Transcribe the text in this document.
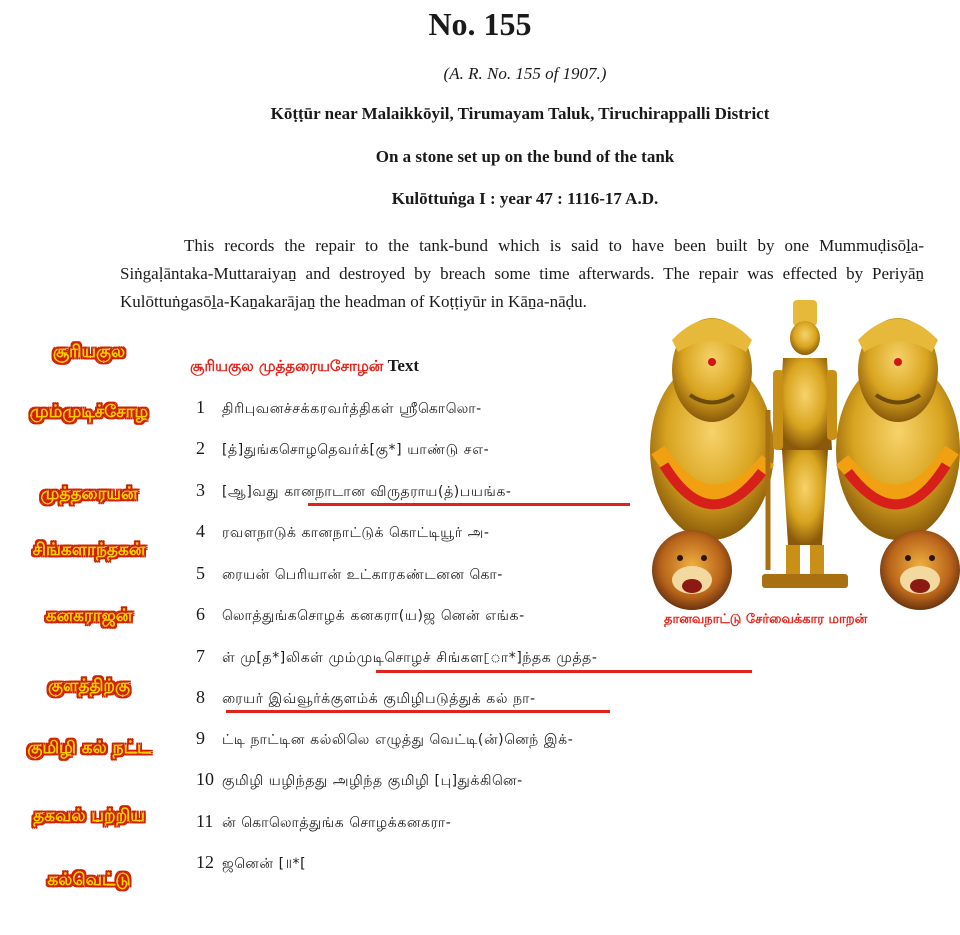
No. 155
(A. R. No. 155 of 1907.)
Kōṭṭūr near Malaikkōyil, Tirumayam Taluk, Tiruchirappalli District
On a stone set up on the bund of the tank
Kulōttuṅga I : year 47 : 1116-17 A.D.

This records the repair to the tank-bund which is said to have been built by one Mummuḍisōḻa-Siṅgaḷāntaka-Muttaraiyaṉ and destroyed by breach some time afterwards. The repair was effected by Periyāṉ Kulōttuṅgasōḻa-Kaṉakarājaṉ the headman of Koṭṭiyūr in Kāṉa-nāḍu.

சூரியகுல
மும்முடிச்சோழ
முத்தரையன்
சிங்களாந்தகன்
கனகராஜன்
குளத்திற்கு
குமிழி கல் நட்ட
தகவல் பற்றிய
கல்வெட்டு
சூரியகுல முத்தரையசோழன் Text
1 திரிபுவனச்சக்கரவர்த்திகள் ஸ்ரீகொலொ-
2 [த்]துங்கசொழதெவர்க்[கு*] யாண்டு சஎ-
3 [ஆ]வது கானநாடான விருதராய(த்)பயங்க-
4 ரவளநாடுக் கானநாட்டுக் கொட்டியூர் அ-
5 ரையன் பெரியான் உட்காரகண்டனன கொ-
6 லொத்துங்கசொழக் கனகரா(ய)ஜ னென் எங்க-
7 ள் மு[த*]லிகள் மும்முடிசொழச் சிங்கள[ா*]ந்தக முத்த-
8 ரையர் இவ்வூர்க்குளம்க் குமிழிபடுத்துக் கல் நா-
9 ட்டி நாட்டின கல்லிலெ எழுத்து வெட்டி(ன்)னெந் இக்-
10 குமிழி யழிந்தது அழிந்த குமிழி [பு]துக்கினெ-
11 ன் கொலொத்துங்க சொழக்கனகரா-
12 ஜனென் [॥*[
தானவநாட்டு சேர்வைக்கார மாறன்
